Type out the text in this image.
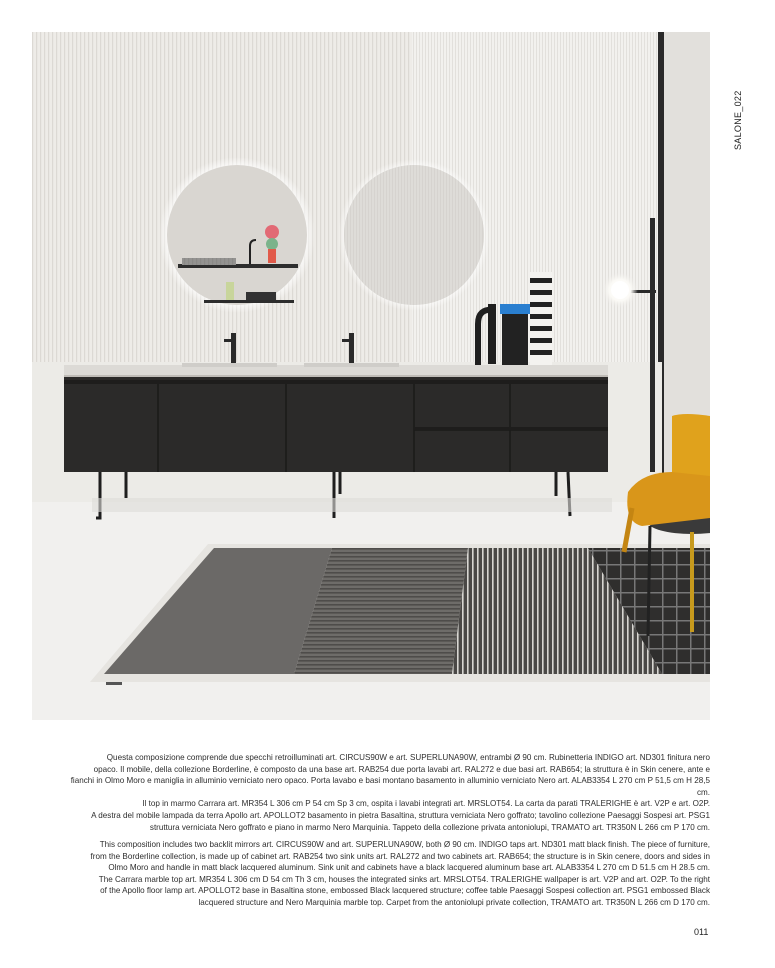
SALONE_022

Questa composizione comprende due specchi retroilluminati art. CIRCUS90W e art. SUPERLUNA90W, entrambi Ø 90 cm. Rubinetteria INDIGO art. ND301 finitura nero

opaco. Il mobile, della collezione Borderline, è composto da una base art. RAB254 due porta lavabi art. RAL272 e due basi art. RAB654; la struttura è in Skin cenere, ante e

fianchi in Olmo Moro e maniglia in alluminio verniciato nero opaco. Porta lavabo e basi montano basamento in alluminio verniciato Nero art. ALAB3354 L 270 cm P 51,5 cm H 28,5 cm.

Il top in marmo Carrara art. MR354 L 306 cm P 54 cm Sp 3 cm, ospita i lavabi integrati art. MRSLOT54. La carta da parati TRALERIGHE è art. V2P e art. O2P.

A destra del mobile lampada da terra Apollo art. APOLLOT2 basamento in pietra Basaltina, struttura verniciata Nero goffrato; tavolino collezione Paesaggi Sospesi art. PSG1

struttura verniciata Nero goffrato e piano in marmo Nero Marquinia. Tappeto della collezione privata antoniolupi, TRAMATO art. TR350N L 266 cm P 170 cm.

This composition includes two backlit mirrors art. CIRCUS90W and art. SUPERLUNA90W, both Ø 90 cm. INDIGO taps art. ND301 matt black finish. The piece of furniture,

from the Borderline collection, is made up of cabinet art. RAB254 two sink units art. RAL272 and two cabinets art. RAB654; the structure is in Skin cenere, doors and sides in

Olmo Moro and handle in matt black lacquered aluminum. Sink unit and cabinets have a black lacquered aluminum base art. ALAB3354 L 270 cm D 51.5 cm H 28.5 cm.

The Carrara marble top art. MR354 L 306 cm D 54 cm Th 3 cm, houses the integrated sinks art. MRSLOT54. TRALERIGHE wallpaper is art. V2P and art. O2P. To the right

of the Apollo floor lamp art. APOLLOT2 base in Basaltina stone, embossed Black lacquered structure; coffee table Paesaggi Sospesi collection art. PSG1 embossed Black

lacquered structure and Nero Marquinia marble top. Carpet from the antoniolupi private collection, TRAMATO art. TR350N L 266 cm D 170 cm.

011
